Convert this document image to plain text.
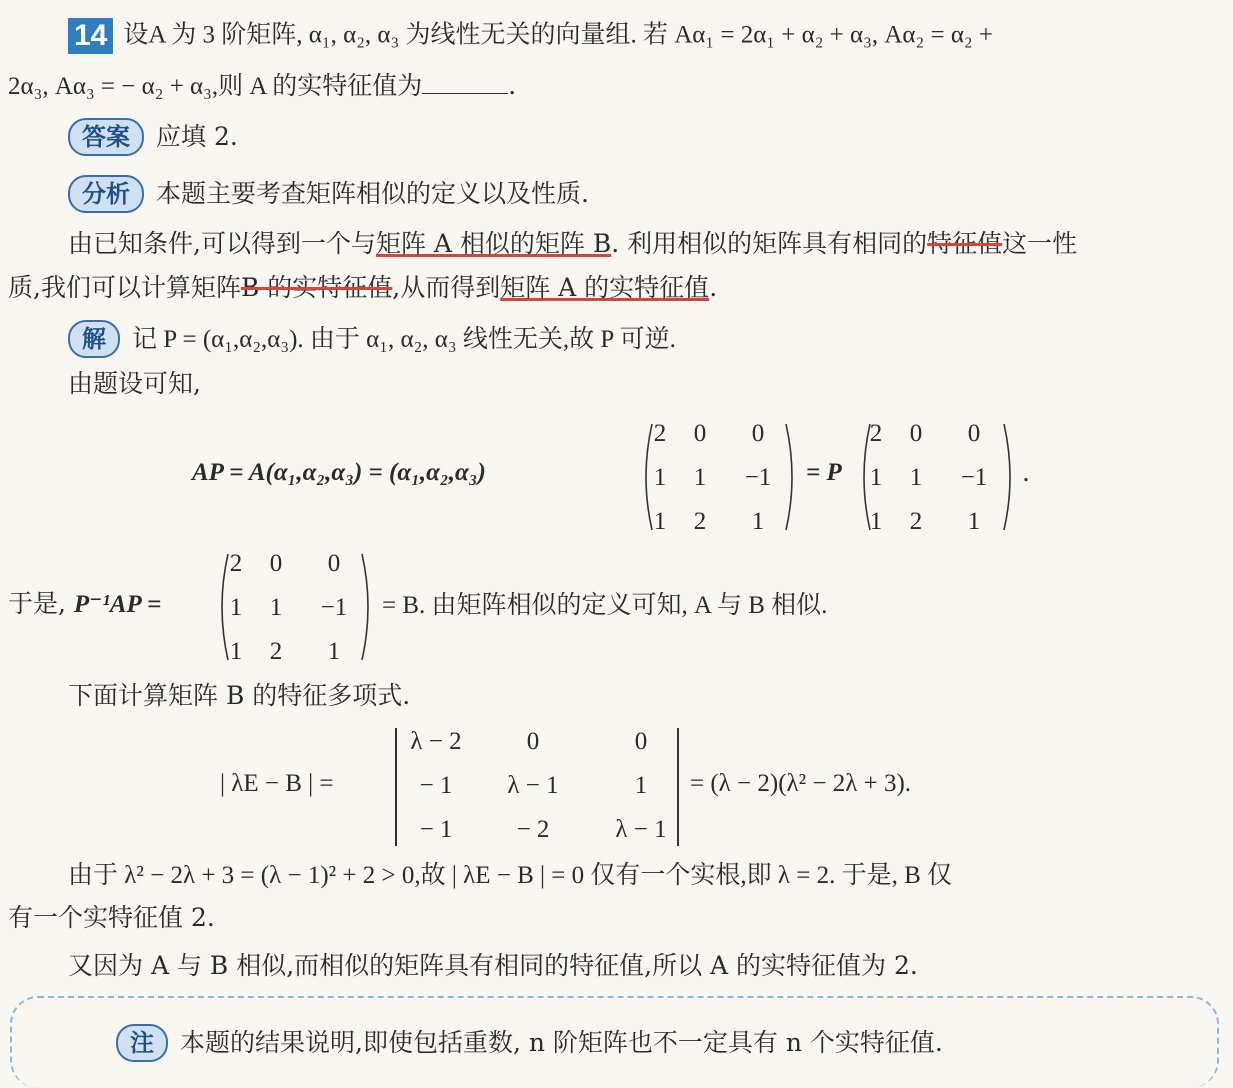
14 设A 为 3 阶矩阵, α₁, α₂, α₃ 为线性无关的向量组. 若 Aα₁ = 2α₁ + α₂ + α₃, Aα₂ = α₂ +
2α₃, Aα₃ = − α₂ + α₃,则 A 的实特征值为	.
答案 应填 2.
分析 本题主要考查矩阵相似的定义以及性质.
由已知条件,可以得到一个与矩阵 A 相似的矩阵 B. 利用相似的矩阵具有相同的特征值这一性
质,我们可以计算矩阵B 的实特征值,从而得到矩阵 A 的实特征值.
解 记 P = (α₁,α₂,α₃). 由于 α₁, α₂, α₃ 线性无关,故 P 可逆.
由题设可知,
AP = A(α₁,α₂,α₃) = (α₁,α₂,α₃)
2	0	0
1	1	−1
1	2	1
= P
2	0	0
1	1	−1
1	2	1
.
于是, P⁻¹AP =
2	0	0
1	1	−1
1	2	1
= B. 由矩阵相似的定义可知, A 与 B 相似.
下面计算矩阵 B 的特征多项式.
| λE − B | =
λ − 2	0	0
− 1	λ − 1	1
− 1	− 2	λ − 1
= (λ − 2)(λ² − 2λ + 3).
由于 λ² − 2λ + 3 = (λ − 1)² + 2 > 0,故 | λE − B | = 0 仅有一个实根,即 λ = 2. 于是, B 仅
有一个实特征值 2.
又因为 A 与 B 相似,而相似的矩阵具有相同的特征值,所以 A 的实特征值为 2.
注 本题的结果说明,即使包括重数, n 阶矩阵也不一定具有 n 个实特征值.
